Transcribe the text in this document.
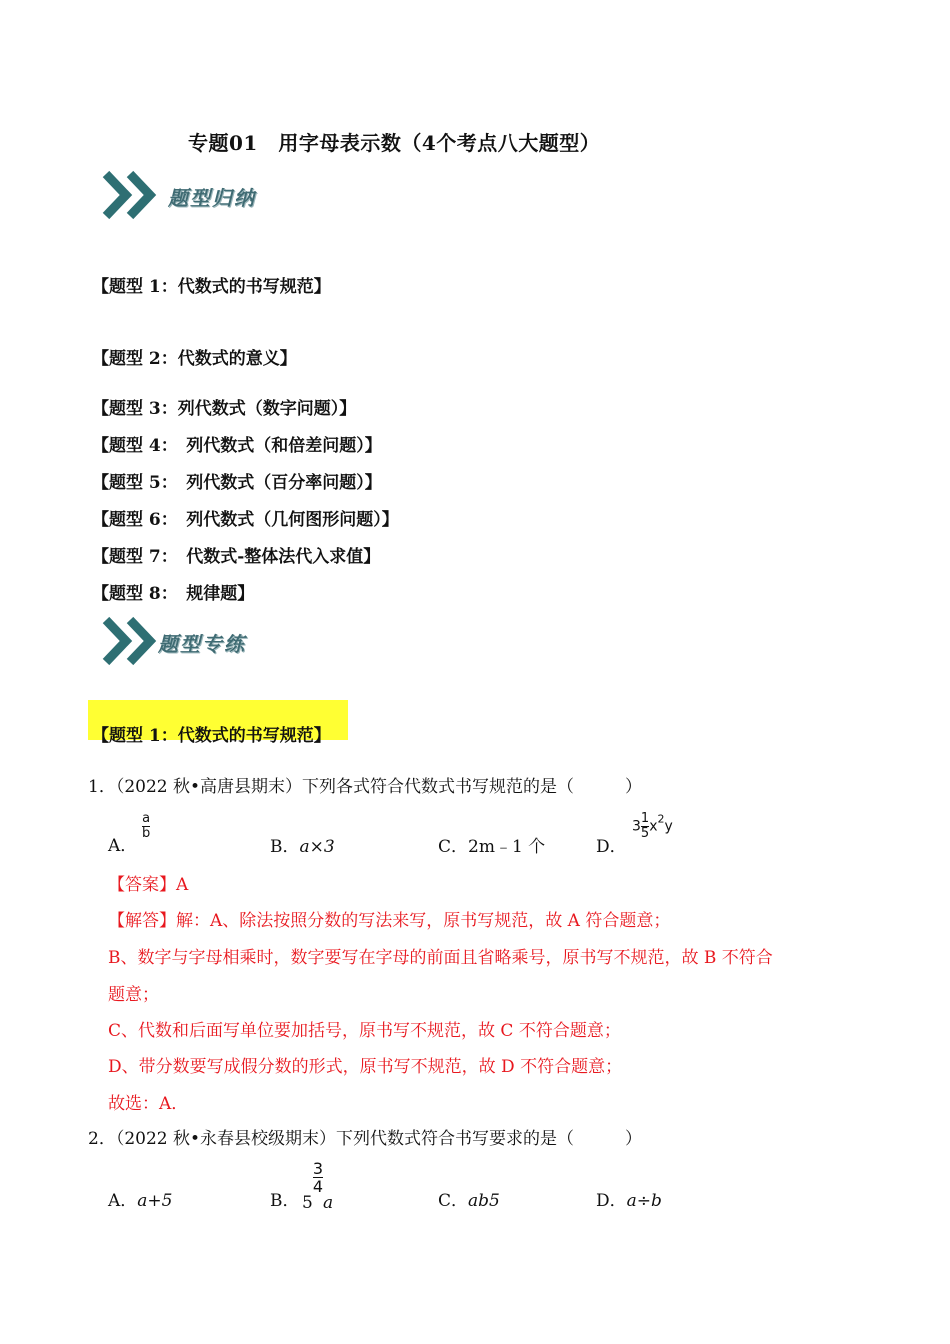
专题01　用字母表示数（4个考点八大题型）
题型归纳
【题型 1：代数式的书写规范】
【题型 2：代数式的意义】
【题型 3：列代数式（数字问题）】
【题型 4：　列代数式（和倍差问题）】
【题型 5：　列代数式（百分率问题）】
【题型 6：　列代数式（几何图形问题）】
【题型 7：　代数式-整体法代入求值】
【题型 8：　规律题】
题型专练
【题型 1：代数式的书写规范】
1．（2022 秋•高唐县期末）下列各式符合代数式书写规范的是（　　　）
A．
$\frac{a}{b}$
B．a×3	C．2m﹣1 个	D．
$3 \frac{1}{5} x^2y$
【答案】A
【解答】解：A、除法按照分数的写法来写，原书写规范，故 A 符合题意；
B、数字与字母相乘时，数字要写在字母的前面且省略乘号，原书写不规范，故 B 不符合
题意；
C、代数和后面写单位要加括号，原书写不规范，故 C 不符合题意；
D、带分数要写成假分数的形式，原书写不规范，故 D 不符合题意；
故选：A．
2．（2022 秋•永春县校级期末）下列代数式符合书写要求的是（　　　）
A．a+5	B． 5
$\frac{3}{4}$
a	C．ab5	D．a÷b
